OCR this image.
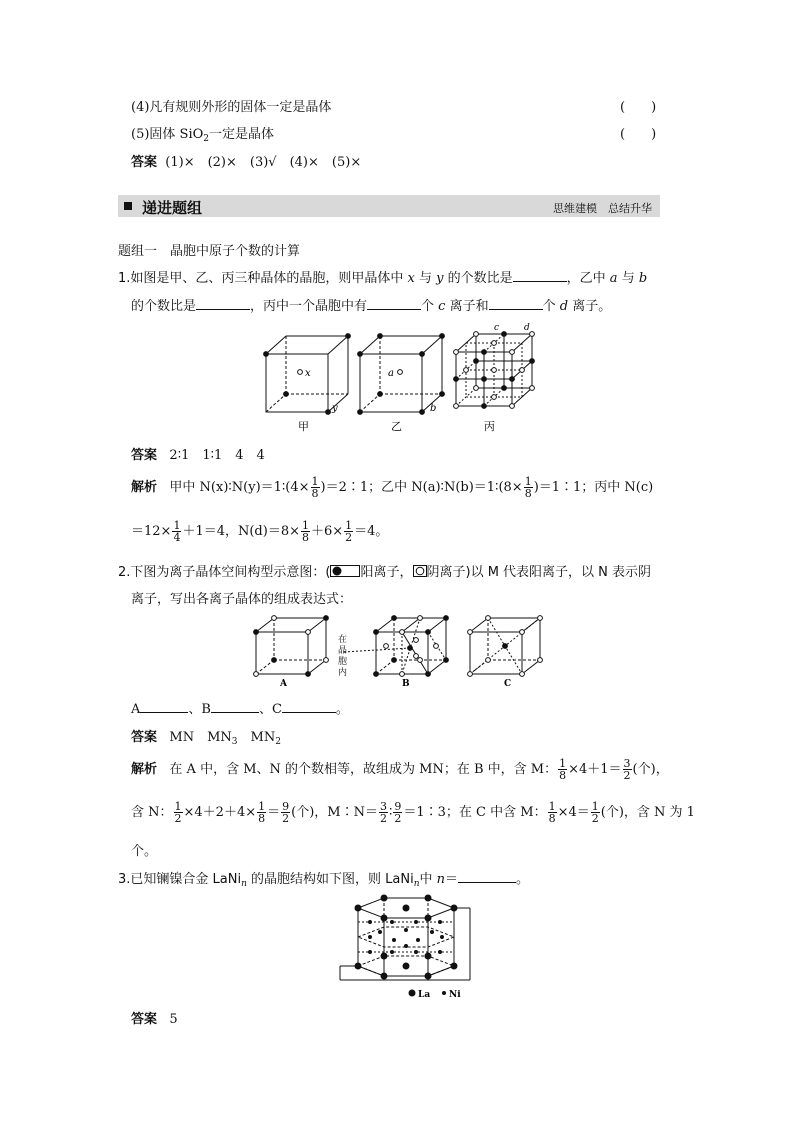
(4)凡有规则外形的固体一定是晶体	(　　)
(5)固体 SiO$_2$一定是晶体	(　　)
答案 (1)×　(2)×　(3)√　(4)×　(5)×
递进题组	思维建模　总结升华
题组一　晶胞中原子个数的计算
1.如图是甲、乙、丙三种晶体的晶胞，则甲晶体中 x 与 y 的个数比是	，乙中 a 与 b
的个数比是	，丙中一个晶胞中有	个 c 离子和	个 d 离子。
x
y
甲
a
b
乙
c	d
丙
答案 2∶1　1∶1　4　4
解析 甲中 N(x)∶N(y)＝1∶(4× $\frac{1}{8}$ )＝2∶1；乙中 N(a)∶N(b)＝1∶(8× $\frac{1}{8}$ )＝1∶1；丙中 N(c)
$=12\times \frac{1}{4} +1=4$，$N(d)=8\times \frac{1}{8} +6\times \frac{1}{2} =4$。
2.下图为离子晶体空间构型示意图：( 阳离子， 阴离子)以 M 代表阳离子，以 N 表示阴
离子，写出各离子晶体的组成表达式：
A
在
晶
胞
内
B	C
A	、B	、C	。
答案 MN　$MN_3$　$MN_2$
解析 在 A 中，含 M、N 的个数相等，故组成为 MN；在 B 中，含 M： $\frac{1}{8} \times 4+1= \frac{3}{2}$ (个)，
含 N： $\frac{1}{2} \times 4+2+4\times \frac{1}{8} = \frac{9}{2}$ (个)，M∶N＝ $\frac{3}{2}$ ∶ $\frac{9}{2}$ ＝1∶3；在 C 中含 M： $\frac{1}{8} \times 4= \frac{1}{2}$ (个)，含 N 为 1
个。
3.已知镧镍合金 LaNi$_n$ 的晶胞结构如下图，则 LaNi$_n$中 n＝	。
La Ni
答案 5
